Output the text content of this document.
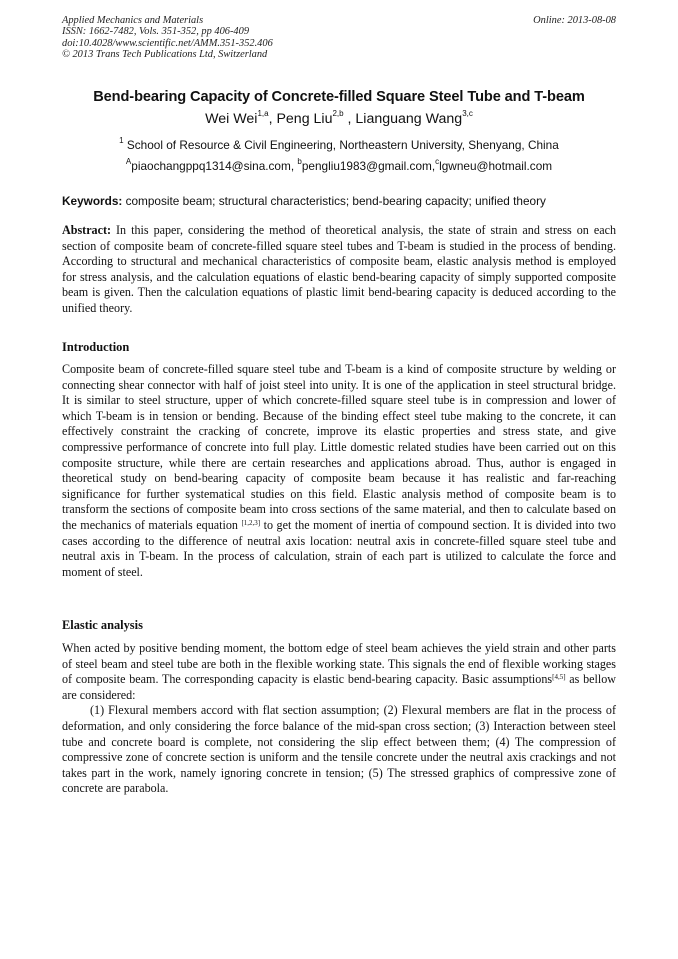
Applied Mechanics and Materials
ISSN: 1662-7482, Vols. 351-352, pp 406-409
doi:10.4028/www.scientific.net/AMM.351-352.406
© 2013 Trans Tech Publications Ltd, Switzerland
Online: 2013-08-08
Bend-bearing Capacity of Concrete-filled Square Steel Tube and T-beam
Wei Wei$^{1,a}$, Peng Liu$^{2,b}$ , Lianguang Wang$^{3,c}$
$^1$ School of Resource & Civil Engineering, Northeastern University, Shenyang, China
$^A$piaochangppq1314@sina.com, $^b$pengliu1983@gmail.com,$^c$lgwneu@hotmail.com
Keywords: composite beam; structural characteristics; bend-bearing capacity; unified theory
Abstract: In this paper, considering the method of theoretical analysis, the state of strain and stress on each section of composite beam of concrete-filled square steel tubes and T-beam is studied in the process of bending. According to structural and mechanical characteristics of composite beam, elastic analysis method is employed for stress analysis, and the calculation equations of elastic bend-bearing capacity of simply supported composite beam is given. Then the calculation equations of plastic limit bend-bearing capacity is deduced according to the unified theory.
Introduction
Composite beam of concrete-filled square steel tube and T-beam is a kind of composite structure by welding or connecting shear connector with half of joist steel into unity. It is one of the application in steel structural bridge. It is similar to steel structure, upper of which concrete-filled square steel tube is in compression and lower of which T-beam is in tension or bending. Because of the binding effect steel tube making to the concrete, it can effectively constraint the cracking of concrete, improve its elastic properties and stress state, and give compressive performance of concrete into full play. Little domestic related studies have been carried out on this composite structure, while there are certain researches and applications abroad. Thus, author is engaged in theoretical study on bend-bearing capacity of composite beam because it has realistic and far-reaching significance for further systematical studies on this field. Elastic analysis method of composite beam is to transform the sections of composite beam into cross sections of the same material, and then to calculate based on the mechanics of materials equation [1,2,3] to get the moment of inertia of compound section. It is divided into two cases according to the difference of neutral axis location: neutral axis in concrete-filled square steel tube and neutral axis in T-beam. In the process of calculation, strain of each part is utilized to calculate the force and moment of steel.
Elastic analysis
When acted by positive bending moment, the bottom edge of steel beam achieves the yield strain and other parts of steel beam and steel tube are both in the flexible working state. This signals the end of flexible working stages of composite beam. The corresponding capacity is elastic bend-bearing capacity. Basic assumptions[4,5] as bellow are considered:
(1) Flexural members accord with flat section assumption; (2) Flexural members are flat in the process of deformation, and only considering the force balance of the mid-span cross section; (3) Interaction between steel tube and concrete board is complete, not considering the slip effect between them; (4) The compression of compressive zone of concrete section is uniform and the tensile concrete under the neutral axis crackings and not takes part in the work, namely ignoring concrete in tension; (5) The stressed graphics of compressive zone of concrete are parabola.
